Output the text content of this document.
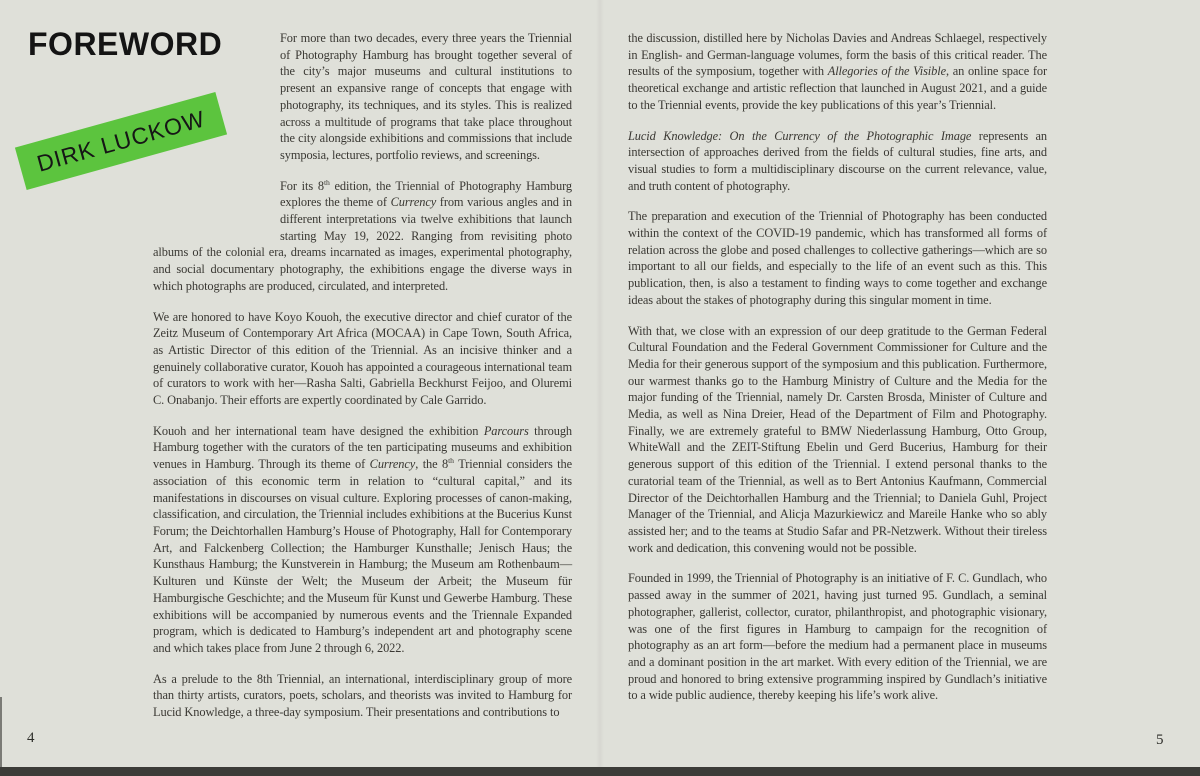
FOREWORD
DIRK LUCKOW

For more than two decades, every three years the Triennial of Photography Hamburg has brought together several of the city’s major museums and cultural institutions to present an expansive range of concepts that engage with photography, its techniques, and its styles. This is realized across a multitude of programs that take place throughout the city alongside exhibitions and commissions that include symposia, lectures, portfolio reviews, and screenings.

For its 8th edition, the Triennial of Photography Hamburg explores the theme of Currency from various angles and in different interpretations via twelve exhibitions that launch starting May 19, 2022. Ranging from revisiting photo albums of the colonial era, dreams incarnated as images, experimental photography, and social documentary photography, the exhibitions engage the diverse ways in which photographs are produced, circulated, and interpreted.

We are honored to have Koyo Kouoh, the executive director and chief curator of the Zeitz Museum of Contemporary Art Africa (MOCAA) in Cape Town, South Africa, as Artistic Director of this edition of the Triennial. As an incisive thinker and a genuinely collaborative curator, Kouoh has appointed a courageous international team of curators to work with her—Rasha Salti, Gabriella Beckhurst Feijoo, and Oluremi C. Onabanjo. Their efforts are expertly coordinated by Cale Garrido.

Kouoh and her international team have designed the exhibition Parcours through Hamburg together with the curators of the ten participating museums and exhibition venues in Hamburg. Through its theme of Currency, the 8th Triennial considers the association of this economic term in relation to “cultural capital,” and its manifestations in discourses on visual culture. Exploring processes of canon-making, classification, and circulation, the Triennial includes exhibitions at the Bucerius Kunst Forum; the Deichtorhallen Hamburg’s House of Photography, Hall for Contemporary Art, and Falckenberg Collection; the Hamburger Kunsthalle; Jenisch Haus; the Kunsthaus Hamburg; the Kunstverein in Hamburg; the Museum am Rothenbaum—Kulturen und Künste der Welt; the Museum der Arbeit; the Museum für Hamburgische Geschichte; and the Museum für Kunst und Gewerbe Hamburg. These exhibitions will be accompanied by numerous events and the Triennale Expanded program, which is dedicated to Hamburg’s independent art and photography scene and which takes place from June 2 through 6, 2022.

As a prelude to the 8th Triennial, an international, interdisciplinary group of more than thirty artists, curators, poets, scholars, and theorists was invited to Hamburg for Lucid Knowledge, a three-day symposium. Their presentations and contributions to

4

the discussion, distilled here by Nicholas Davies and Andreas Schlaegel, respectively in English- and German-language volumes, form the basis of this critical reader. The results of the symposium, together with Allegories of the Visible, an online space for theoretical exchange and artistic reflection that launched in August 2021, and a guide to the Triennial events, provide the key publications of this year’s Triennial.

Lucid Knowledge: On the Currency of the Photographic Image represents an intersection of approaches derived from the fields of cultural studies, fine arts, and visual studies to form a multidisciplinary discourse on the current relevance, value, and truth content of photography.

The preparation and execution of the Triennial of Photography has been conducted within the context of the COVID-19 pandemic, which has transformed all forms of relation across the globe and posed challenges to collective gatherings—which are so important to all our fields, and especially to the life of an event such as this. This publication, then, is also a testament to finding ways to come together and exchange ideas about the stakes of photography during this singular moment in time.

With that, we close with an expression of our deep gratitude to the German Federal Cultural Foundation and the Federal Government Commissioner for Culture and the Media for their generous support of the symposium and this publication. Furthermore, our warmest thanks go to the Hamburg Ministry of Culture and the Media for the major funding of the Triennial, namely Dr. Carsten Brosda, Minister of Culture and Media, as well as Nina Dreier, Head of the Department of Film and Photography. Finally, we are extremely grateful to BMW Niederlassung Hamburg, Otto Group, WhiteWall and the ZEIT-Stiftung Ebelin und Gerd Bucerius, Hamburg for their generous support of this edition of the Triennial. I extend personal thanks to the curatorial team of the Triennial, as well as to Bert Antonius Kaufmann, Commercial Director of the Deichtorhallen Hamburg and the Triennial; to Daniela Guhl, Project Manager of the Triennial, and Alicja Mazurkiewicz and Mareile Hanke who so ably assisted her; and to the teams at Studio Safar and PR-Netzwerk. Without their tireless work and dedication, this convening would not be possible.

Founded in 1999, the Triennial of Photography is an initiative of F. C. Gundlach, who passed away in the summer of 2021, having just turned 95. Gundlach, a seminal photographer, gallerist, collector, curator, philanthropist, and photographic visionary, was one of the first figures in Hamburg to campaign for the recognition of photography as an art form—before the medium had a permanent place in museums and a dominant position in the art market. With every edition of the Triennial, we are proud and honored to bring extensive programming inspired by Gundlach’s initiative to a wide public audience, thereby keeping his life’s work alive.

5
